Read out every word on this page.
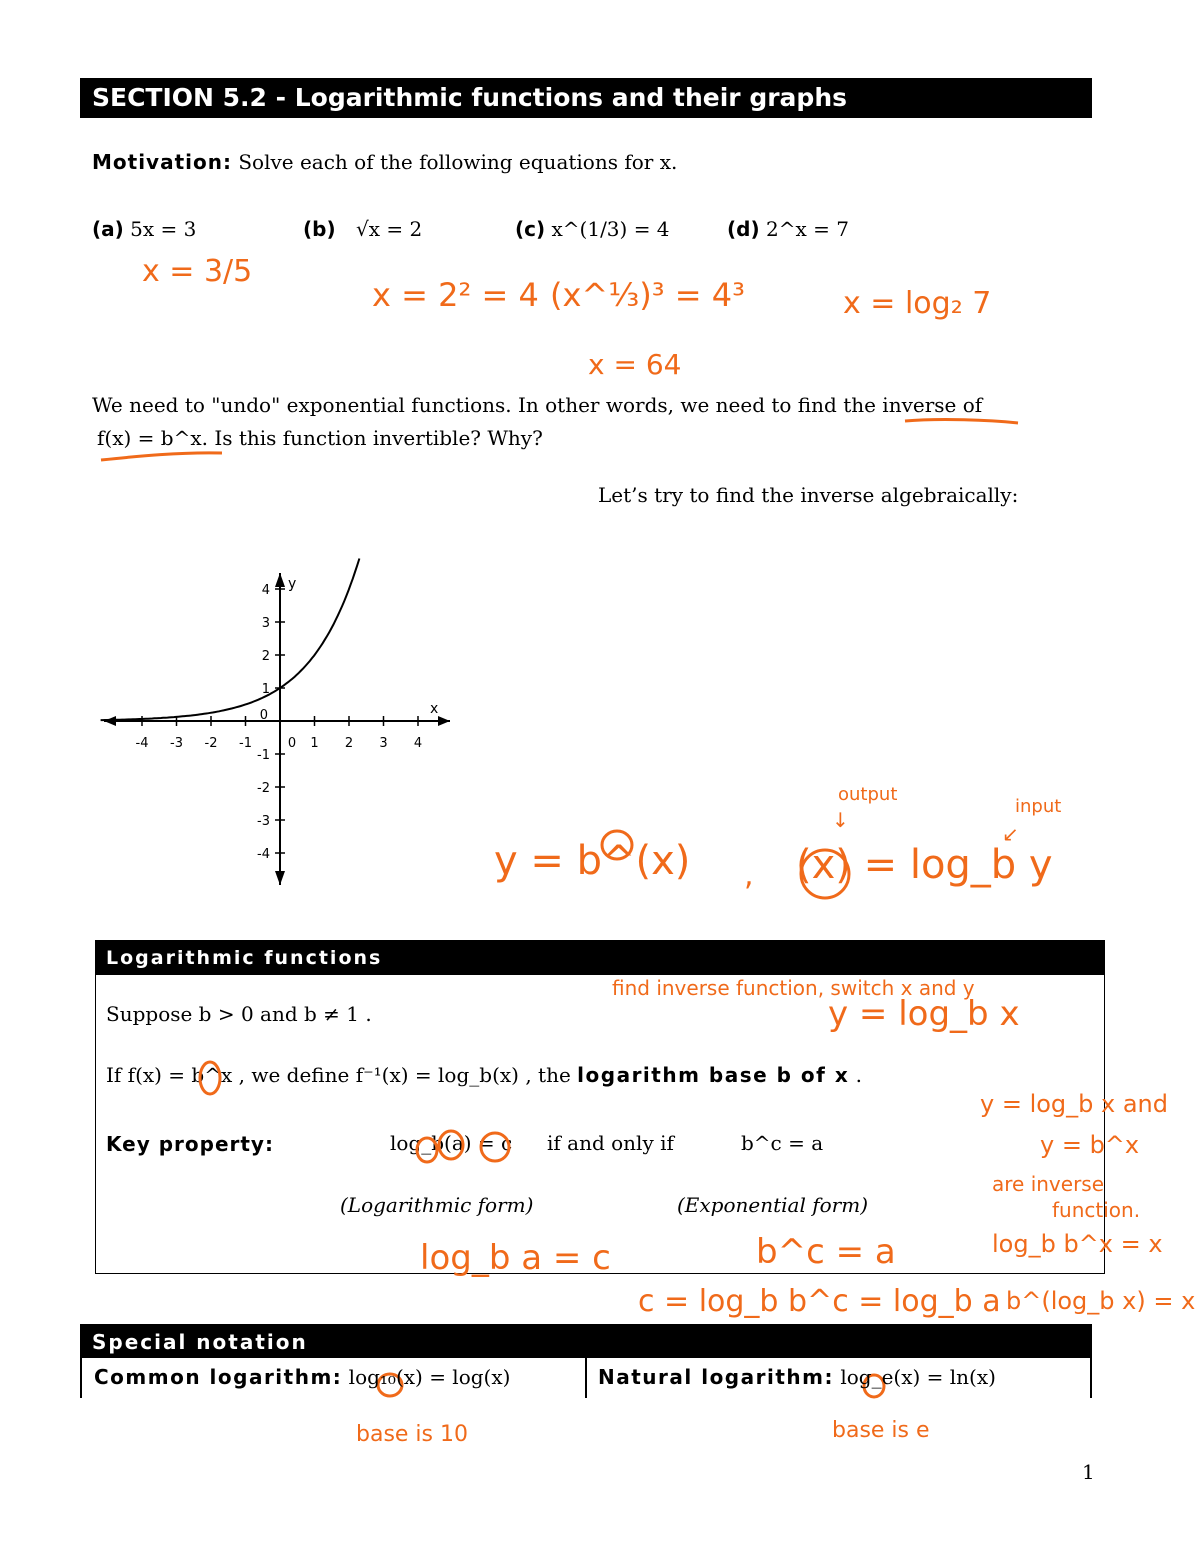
SECTION 5.2 - Logarithmic functions and their graphs
Motivation: Solve each of the following equations for x.
(a) 5x = 3	(b) √x = 2	(c) x^(1/3) = 4	(d) 2^x = 7
x = 3/5
x = 2² = 4 (x^⅓)³ = 4³
x = 64
x = log₂ 7
We need to "undo" exponential functions. In other words, we need to find the inverse of
f(x) = b^x. Is this function invertible? Why?
Let’s try to find the inverse algebraically:
-4 -3 -2 -1	0 1 2 3 4
4
3
2
1
-1
-2
-3
-4
0
y
x
y = b^(x) ,
output
↓
input
↙
(x) = log_b y
Logarithmic functions
Suppose b > 0 and b ≠ 1 .
If f(x) = b^x , we define f⁻¹(x) = log_b(x) , the logarithm base b of x .
Key property:	log_b(a) = c if and only if	b^c = a
(Logarithmic form)	(Exponential form)
find inverse function, switch x and y
y = log_b x
y = log_b x and
y = b^x
are inverse
function.
log_b b^x = x
b^(log_b x) = x
log_b a = c	b^c = a
c = log_b b^c = log_b a
Special notation
Common logarithm: log₁₀(x) = log(x)	Natural logarithm: log_e(x) = ln(x)
base is 10	base is e
1
